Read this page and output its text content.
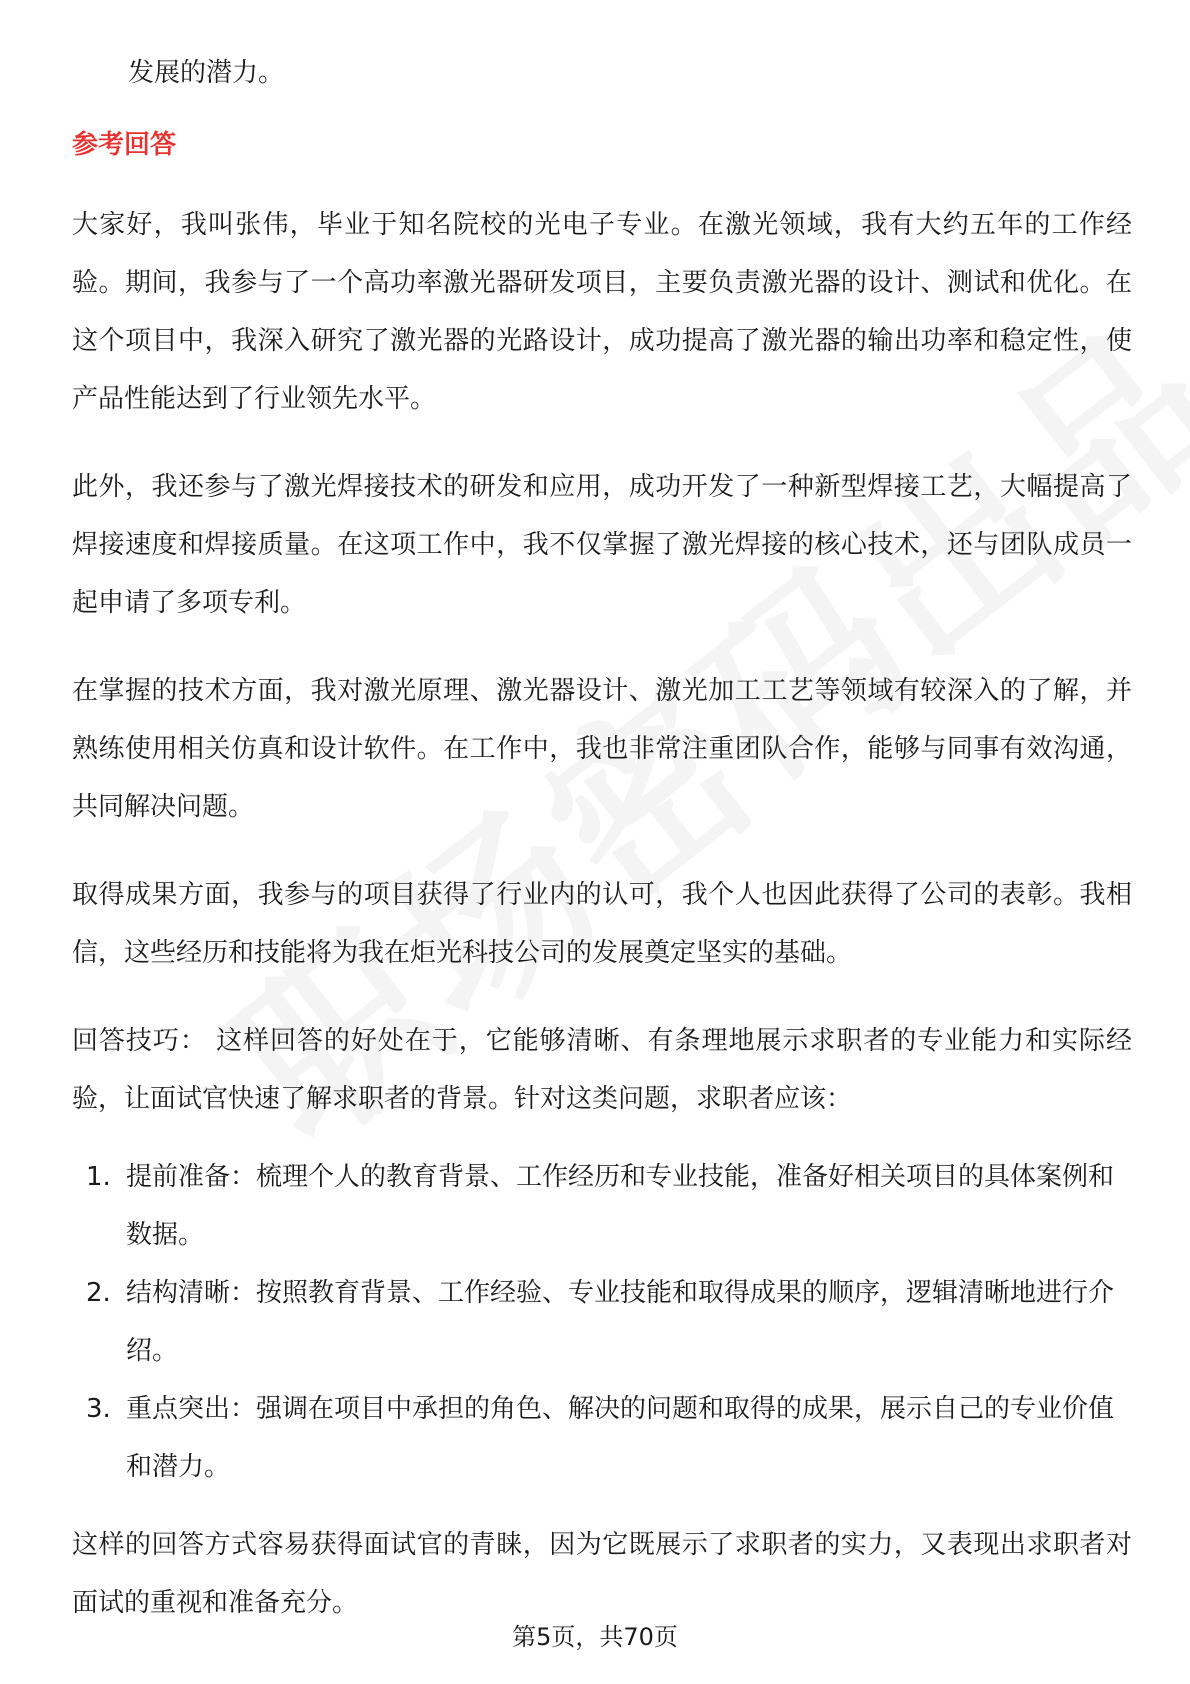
发展的潜力。
参考回答
大家好，我叫张伟，毕业于知名院校的光电子专业。在激光领域，我有大约五年的工作经验。期间，我参与了一个高功率激光器研发项目，主要负责激光器的设计、测试和优化。在这个项目中，我深入研究了激光器的光路设计，成功提高了激光器的输出功率和稳定性，使产品性能达到了行业领先水平。
此外，我还参与了激光焊接技术的研发和应用，成功开发了一种新型焊接工艺，大幅提高了焊接速度和焊接质量。在这项工作中，我不仅掌握了激光焊接的核心技术，还与团队成员一起申请了多项专利。
在掌握的技术方面，我对激光原理、激光器设计、激光加工工艺等领域有较深入的了解，并熟练使用相关仿真和设计软件。在工作中，我也非常注重团队合作，能够与同事有效沟通，共同解决问题。
取得成果方面，我参与的项目获得了行业内的认可，我个人也因此获得了公司的表彰。我相信，这些经历和技能将为我在炬光科技公司的发展奠定坚实的基础。
回答技巧： 这样回答的好处在于，它能够清晰、有条理地展示求职者的专业能力和实际经验，让面试官快速了解求职者的背景。针对这类问题，求职者应该：
1. 提前准备：梳理个人的教育背景、工作经历和专业技能，准备好相关项目的具体案例和数据。
2. 结构清晰：按照教育背景、工作经验、专业技能和取得成果的顺序，逻辑清晰地进行介绍。
3. 重点突出：强调在项目中承担的角色、解决的问题和取得的成果，展示自己的专业价值和潜力。
这样的回答方式容易获得面试官的青睐，因为它既展示了求职者的实力，又表现出求职者对面试的重视和准备充分。
第5页，共70页
